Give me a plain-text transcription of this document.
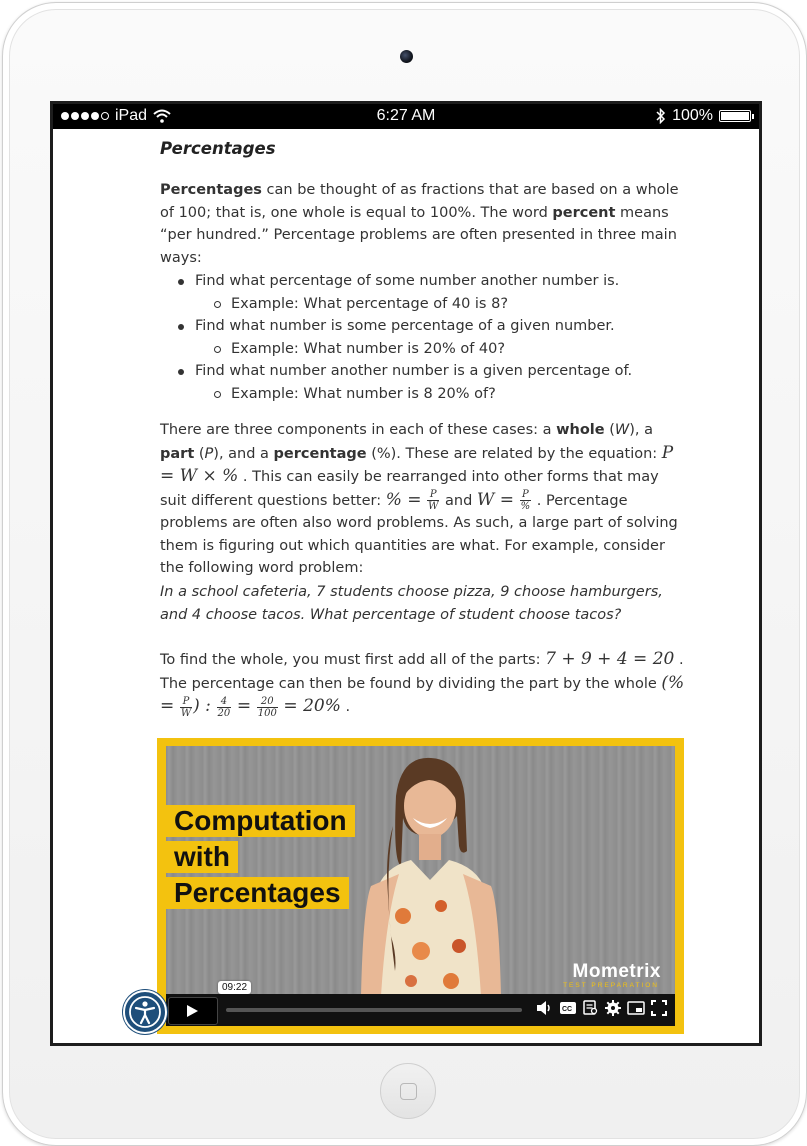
iPad	6:27 AM	100%
Percentages
Percentages can be thought of as fractions that are based on a whole of 100; that is, one whole is equal to 100%. The word percent means “per hundred.” Percentage problems are often presented in three main ways:
Find what percentage of some number another number is.
Example: What percentage of 40 is 8?
Find what number is some percentage of a given number.
Example: What number is 20% of 40?
Find what number another number is a given percentage of.
Example: What number is 8 20% of?
There are three components in each of these cases: a whole (W), a part (P), and a percentage (%). These are related by the equation: P = W × % . This can easily be rearranged into other forms that may suit different questions better: % = $\frac{P}{W}$ and $W = \frac{P}{\%}$ . Percentage problems are often also word problems. As such, a large part of solving them is figuring out which quantities are what. For example, consider the following word problem:
In a school cafeteria, 7 students choose pizza, 9 choose hamburgers, and 4 choose tacos. What percentage of student choose tacos?
To find the whole, you must first add all of the parts: 7 + 9 + 4 = 20 . The percentage can then be found by dividing the part by the whole (% = $\frac{P}{W}$ ) : $\frac{4}{20} = \frac{20}{100} = 20\%$ .
Computation
with
Percentages
Mometrix
TEST PREPARATION
09:22
CC
